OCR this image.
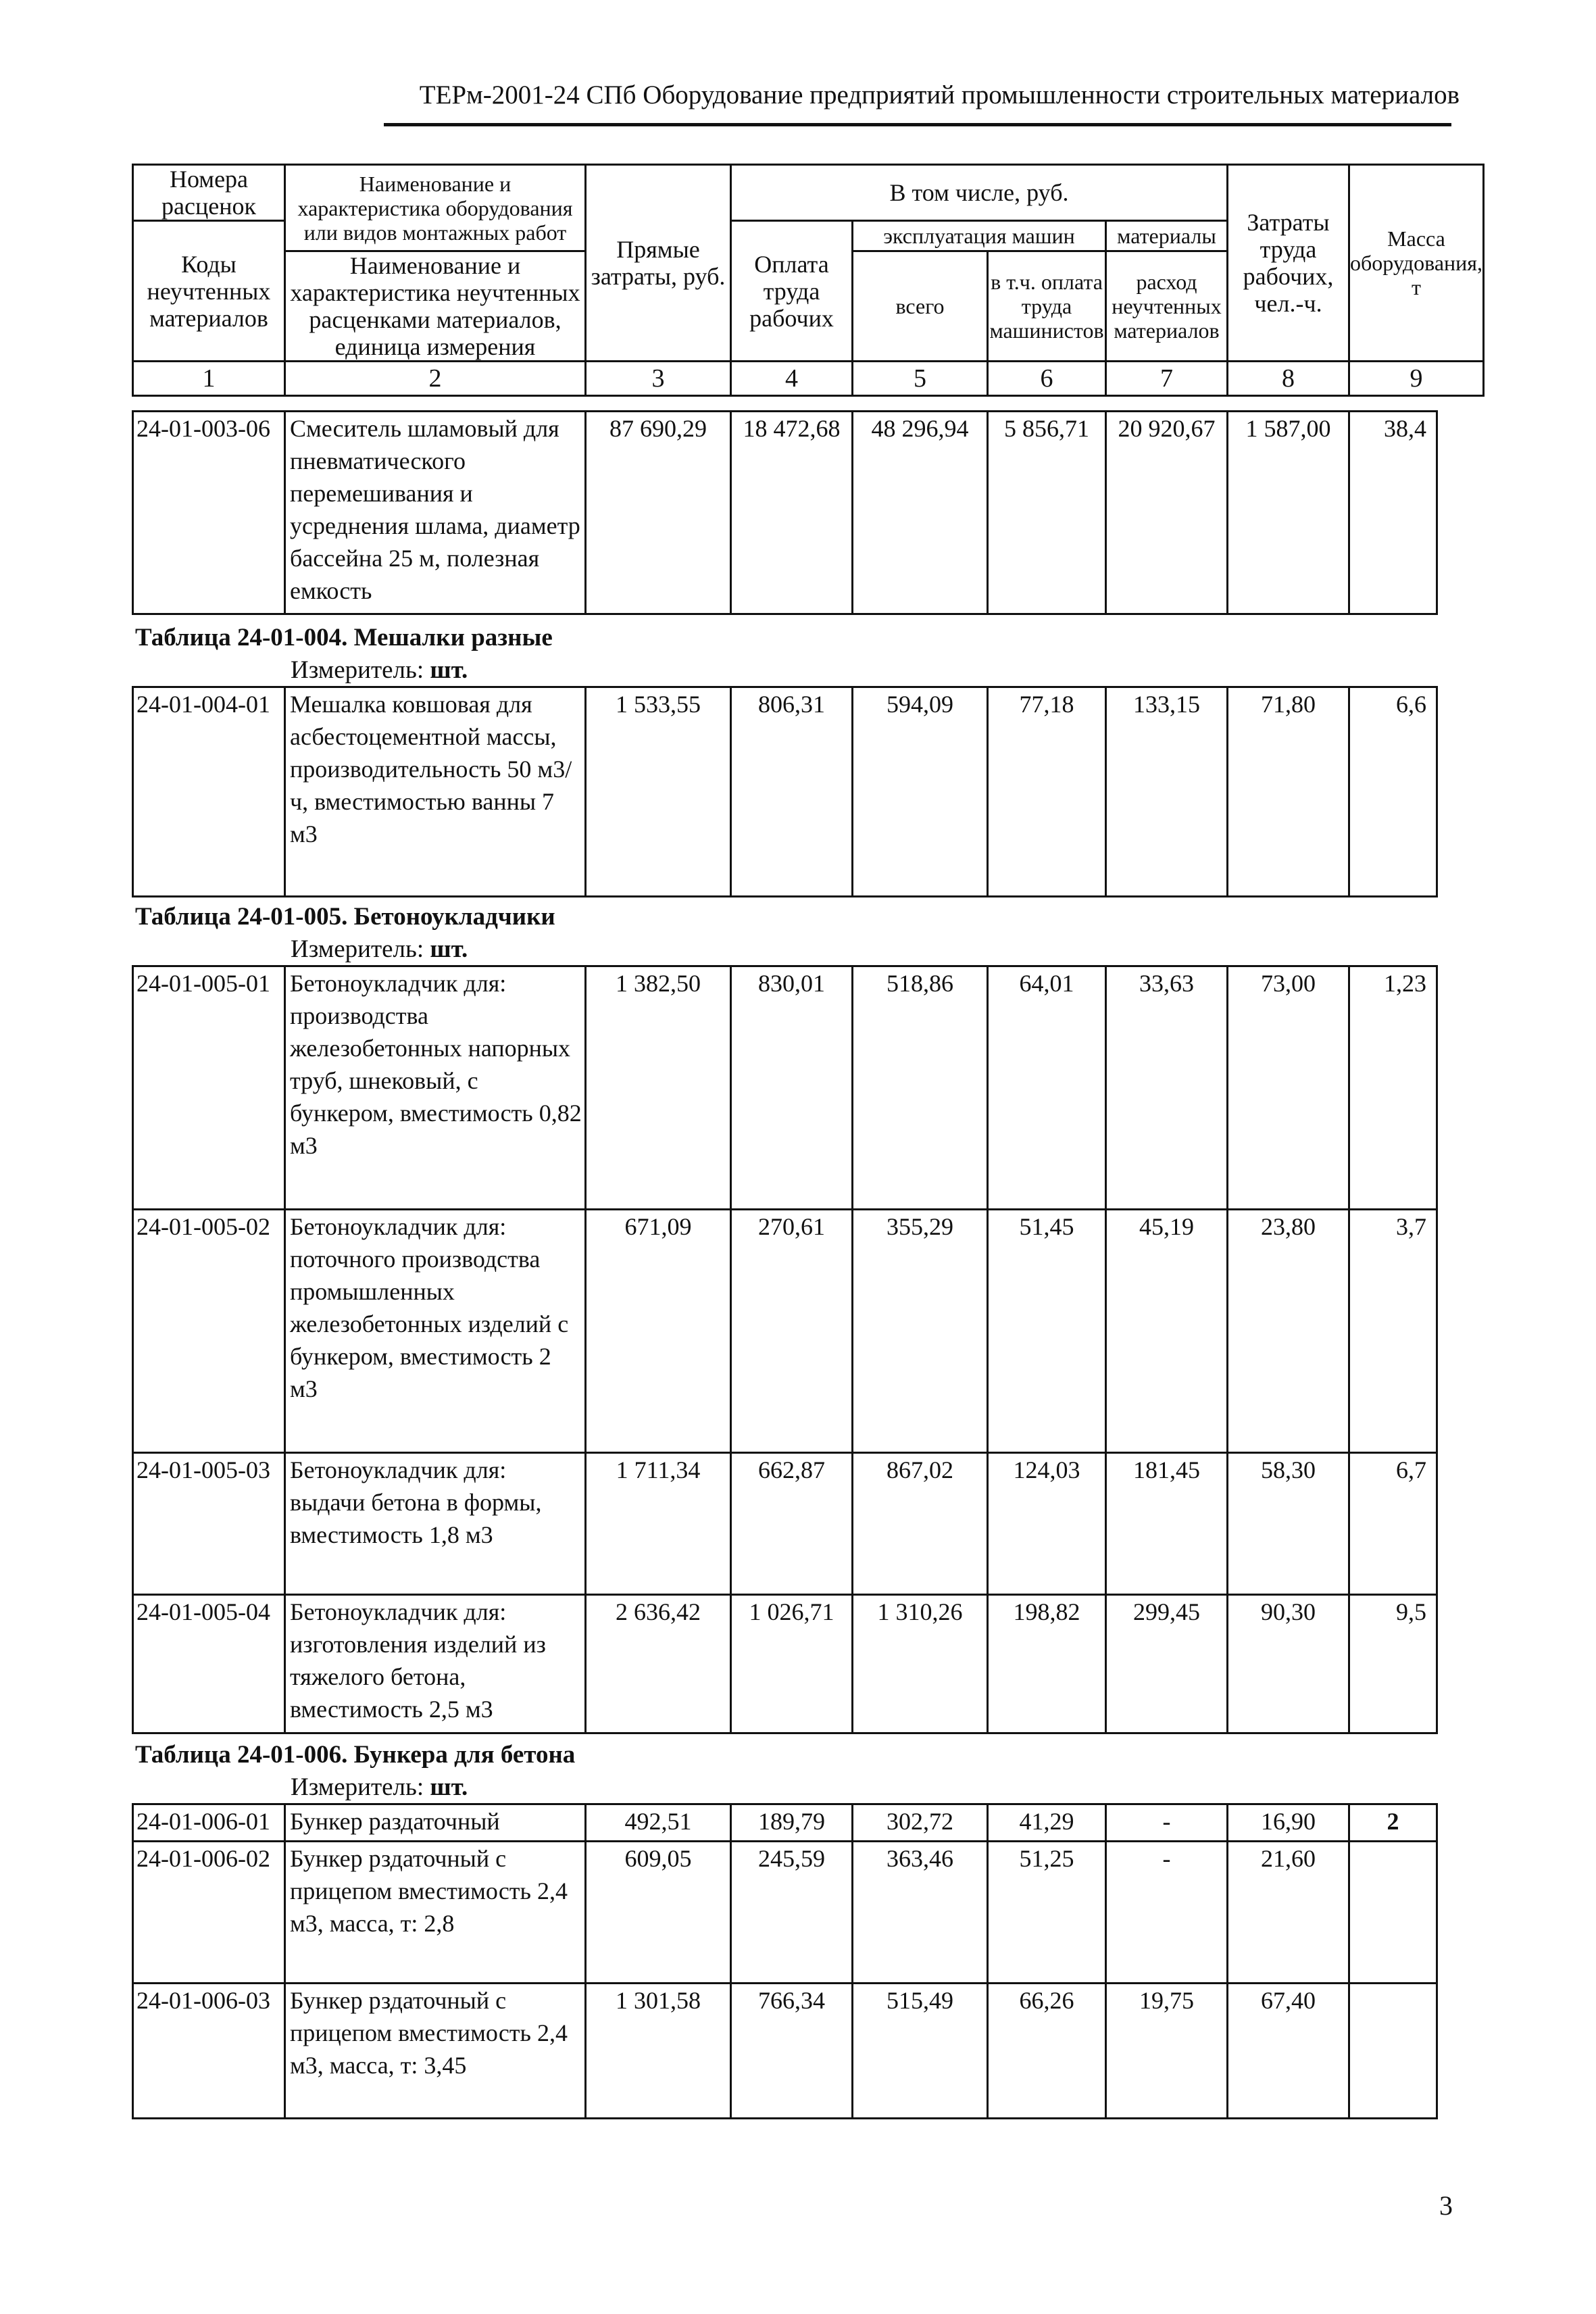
ТЕРм-2001-24 СПб Оборудование предприятий промышленности строительных материалов
Номера расценок	Наименование и характеристика оборудования или видов монтажных работ	Прямые затраты, руб.	В том числе, руб.				Затраты труда рабочих, чел.-ч.	Масса оборудования, т
Коды неучтенных материалов			Оплата труда рабочих	эксплуатация машин		материалы		
	Наименование и характеристика неучтенных расценками материалов, единица измерения			всего	в т.ч. оплата труда машинистов	расход неучтенных материалов		

1	2	3	4	5	6	7	8	9
24-01-003-06	Смеситель шламовый для пневматического перемешивания и усреднения шлама, диаметр бассейна 25 м, полезная емкость	87 690,29	18 472,68	48 296,94	5 856,71	20 920,67	1 587,00	38,4
Таблица 24-01-004. Мешалки разные
Измеритель: шт.
24-01-004-01	Мешалка ковшовая для асбестоцементной массы, производительность 50 м3/ч, вместимостью ванны 7 м3	1 533,55	806,31	594,09	77,18	133,15	71,80	6,6
Таблица 24-01-005. Бетоноукладчики
Измеритель: шт.
24-01-005-01	Бетоноукладчик для: производства железобетонных напорных труб, шнековый, с бункером, вместимость 0,82 м3	1 382,50	830,01	518,86	64,01	33,63	73,00	1,23
24-01-005-02	Бетоноукладчик для: поточного производства промышленных железобетонных изделий с бункером, вместимость 2 м3	671,09	270,61	355,29	51,45	45,19	23,80	3,7
24-01-005-03	Бетоноукладчик для: выдачи бетона в формы, вместимость 1,8 м3	1 711,34	662,87	867,02	124,03	181,45	58,30	6,7
24-01-005-04	Бетоноукладчик для: изготовления изделий из тяжелого бетона, вместимость 2,5 м3	2 636,42	1 026,71	1 310,26	198,82	299,45	90,30	9,5
Таблица 24-01-006. Бункера для бетона
Измеритель: шт.
24-01-006-01	Бункер раздаточный	492,51	189,79	302,72	41,29	-	16,90	2
24-01-006-02	Бункер рздаточный с прицепом вместимость 2,4 м3, масса, т: 2,8	609,05	245,59	363,46	51,25	-	21,60	
24-01-006-03	Бункер рздаточный с прицепом вместимость 2,4 м3, масса, т: 3,45	1 301,58	766,34	515,49	66,26	19,75	67,40	
3
